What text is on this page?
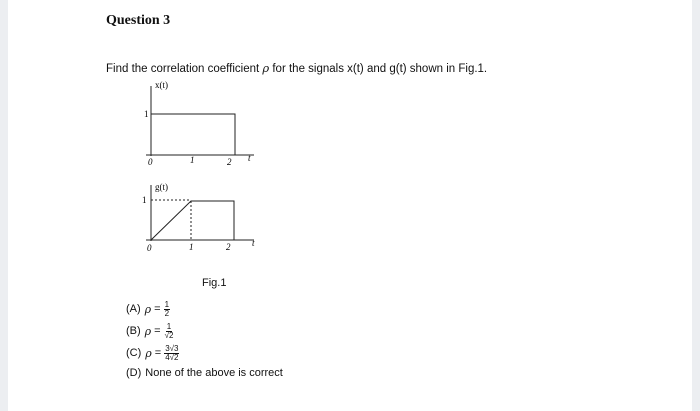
Question 3
Find the correlation coefficient ρ for the signals x(t) and g(t) shown in Fig.1.
x(t)
1
0	1	2 t
g(t)
1
0	1	2 t
Fig.1
(A) $\rho = \frac{1}{2}$
(B) $\rho = \frac{1}{√2}$
(C) $\rho = \frac{3√3}{4√2}$
(D) None of the above is correct
